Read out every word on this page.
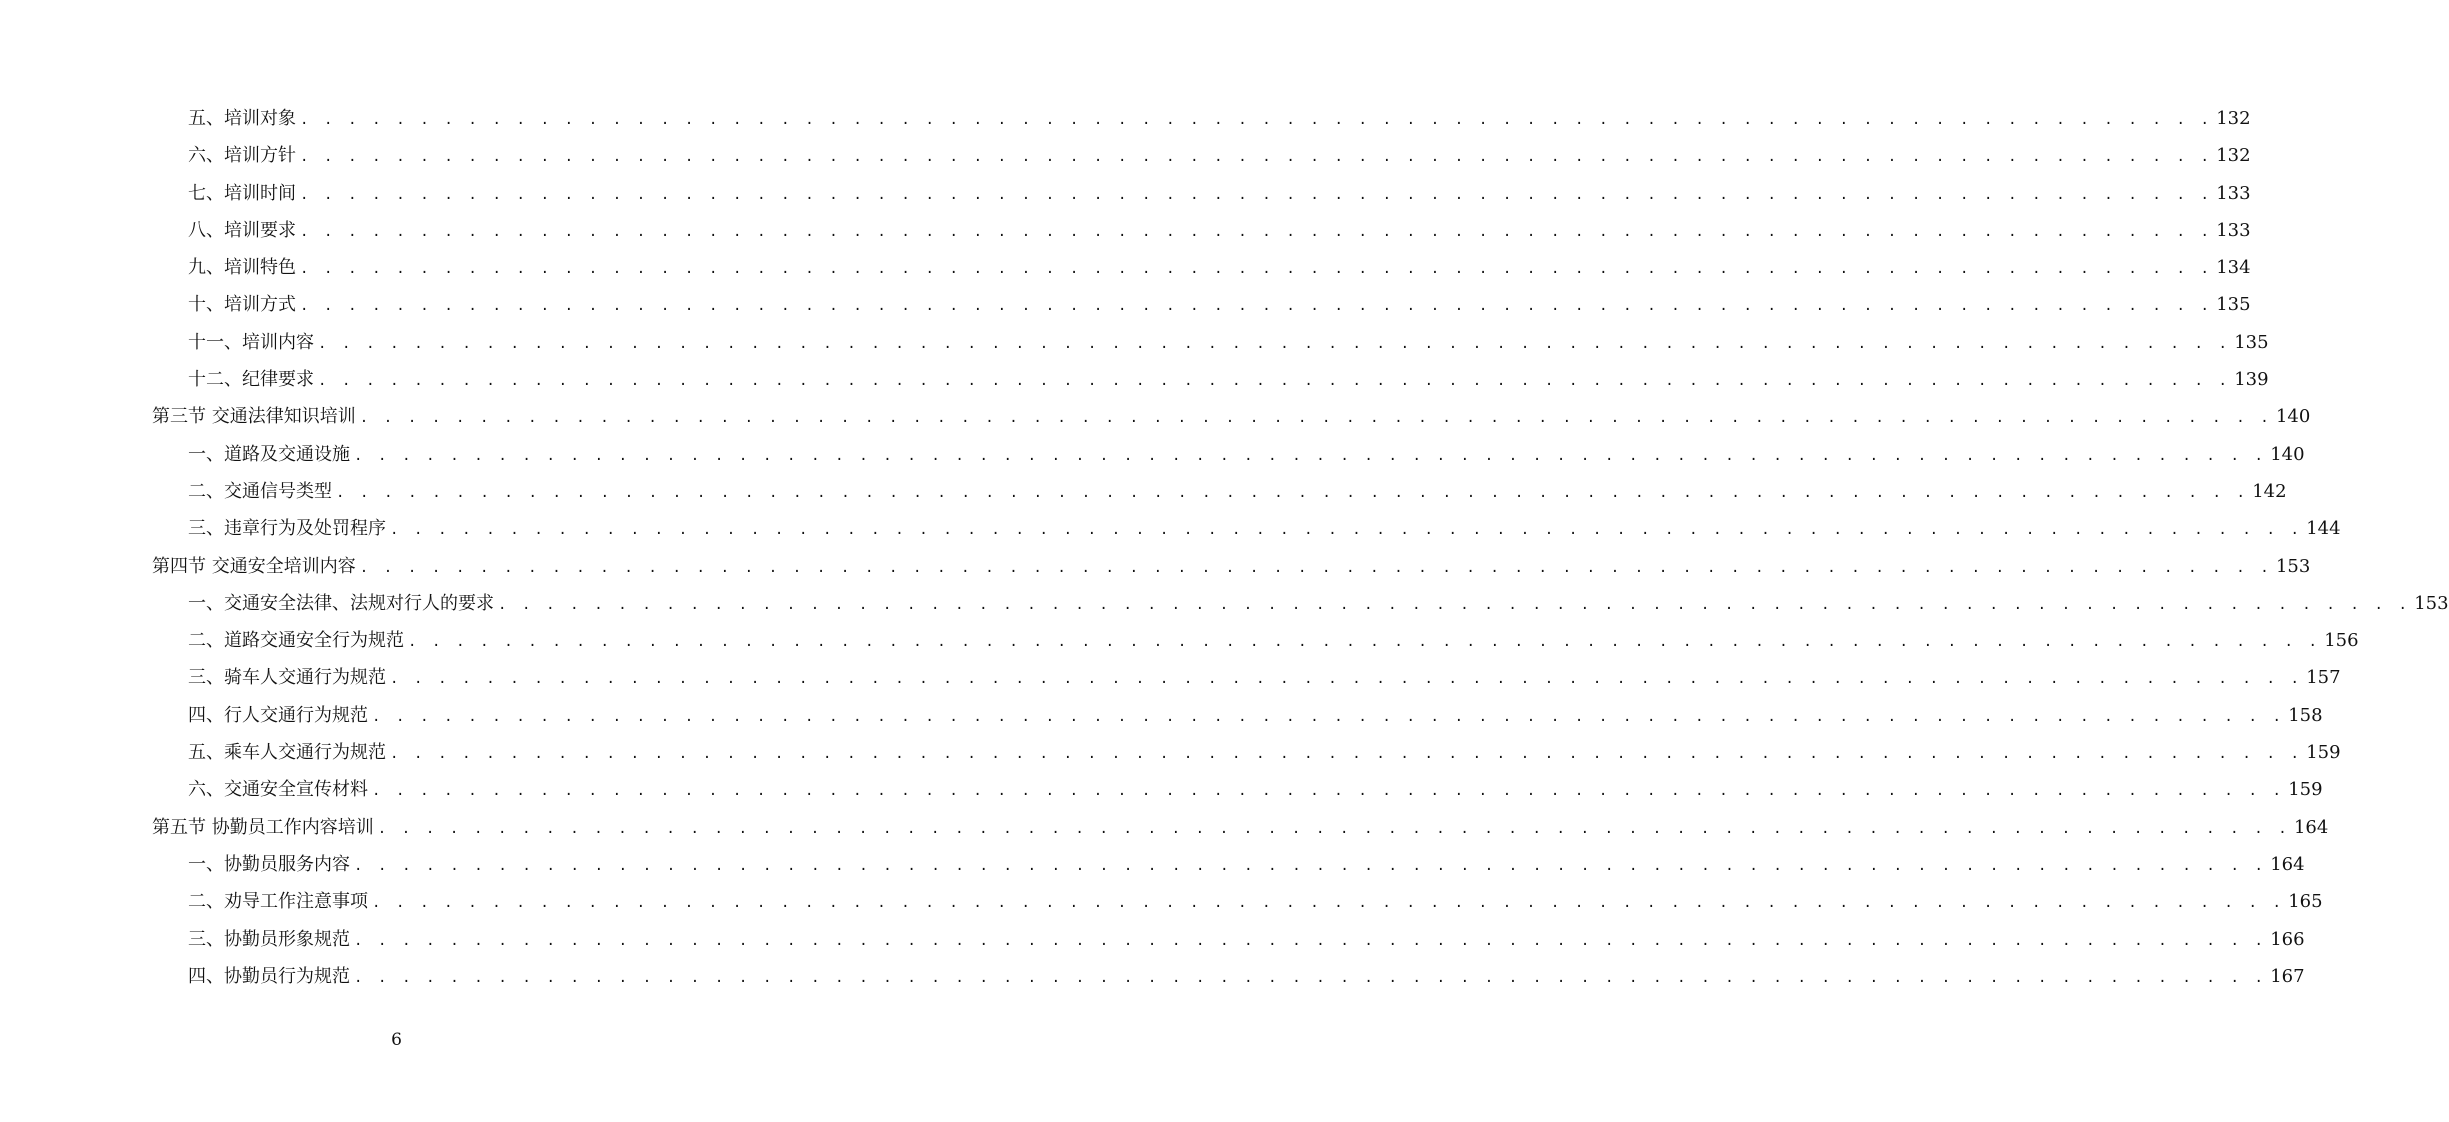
五、培训对象 . . . . . . . . . . . . . . . . . . . . . . . . . . . . . . . . . . . . . . . . . . . . . . . . . . . . . . . . . . . . . . . . . . . . . . . . . . . . . . . . 132
六、培训方针 . . . . . . . . . . . . . . . . . . . . . . . . . . . . . . . . . . . . . . . . . . . . . . . . . . . . . . . . . . . . . . . . . . . . . . . . . . . . . . . . 132
七、培训时间 . . . . . . . . . . . . . . . . . . . . . . . . . . . . . . . . . . . . . . . . . . . . . . . . . . . . . . . . . . . . . . . . . . . . . . . . . . . . . . . . 133
八、培训要求 . . . . . . . . . . . . . . . . . . . . . . . . . . . . . . . . . . . . . . . . . . . . . . . . . . . . . . . . . . . . . . . . . . . . . . . . . . . . . . . . 133
九、培训特色 . . . . . . . . . . . . . . . . . . . . . . . . . . . . . . . . . . . . . . . . . . . . . . . . . . . . . . . . . . . . . . . . . . . . . . . . . . . . . . . . 134
十、培训方式 . . . . . . . . . . . . . . . . . . . . . . . . . . . . . . . . . . . . . . . . . . . . . . . . . . . . . . . . . . . . . . . . . . . . . . . . . . . . . . . . 135
十一、培训内容 . . . . . . . . . . . . . . . . . . . . . . . . . . . . . . . . . . . . . . . . . . . . . . . . . . . . . . . . . . . . . . . . . . . . . . . . . . . . . . . . 135
十二、纪律要求 . . . . . . . . . . . . . . . . . . . . . . . . . . . . . . . . . . . . . . . . . . . . . . . . . . . . . . . . . . . . . . . . . . . . . . . . . . . . . . . . 139
第三节 交通法律知识培训 . . . . . . . . . . . . . . . . . . . . . . . . . . . . . . . . . . . . . . . . . . . . . . . . . . . . . . . . . . . . . . . . . . . . . . . . . . . . . . . . 140
一、道路及交通设施 . . . . . . . . . . . . . . . . . . . . . . . . . . . . . . . . . . . . . . . . . . . . . . . . . . . . . . . . . . . . . . . . . . . . . . . . . . . . . . . . 140
二、交通信号类型 . . . . . . . . . . . . . . . . . . . . . . . . . . . . . . . . . . . . . . . . . . . . . . . . . . . . . . . . . . . . . . . . . . . . . . . . . . . . . . . . 142
三、违章行为及处罚程序 . . . . . . . . . . . . . . . . . . . . . . . . . . . . . . . . . . . . . . . . . . . . . . . . . . . . . . . . . . . . . . . . . . . . . . . . . . . . . . . . 144
第四节 交通安全培训内容 . . . . . . . . . . . . . . . . . . . . . . . . . . . . . . . . . . . . . . . . . . . . . . . . . . . . . . . . . . . . . . . . . . . . . . . . . . . . . . . . 153
一、交通安全法律、法规对行人的要求 . . . . . . . . . . . . . . . . . . . . . . . . . . . . . . . . . . . . . . . . . . . . . . . . . . . . . . . . . . . . . . . . . . . . . . . . . . . . . . . . 153
二、道路交通安全行为规范 . . . . . . . . . . . . . . . . . . . . . . . . . . . . . . . . . . . . . . . . . . . . . . . . . . . . . . . . . . . . . . . . . . . . . . . . . . . . . . . . 156
三、骑车人交通行为规范 . . . . . . . . . . . . . . . . . . . . . . . . . . . . . . . . . . . . . . . . . . . . . . . . . . . . . . . . . . . . . . . . . . . . . . . . . . . . . . . . 157
四、行人交通行为规范 . . . . . . . . . . . . . . . . . . . . . . . . . . . . . . . . . . . . . . . . . . . . . . . . . . . . . . . . . . . . . . . . . . . . . . . . . . . . . . . . 158
五、乘车人交通行为规范 . . . . . . . . . . . . . . . . . . . . . . . . . . . . . . . . . . . . . . . . . . . . . . . . . . . . . . . . . . . . . . . . . . . . . . . . . . . . . . . . 159
六、交通安全宣传材料 . . . . . . . . . . . . . . . . . . . . . . . . . . . . . . . . . . . . . . . . . . . . . . . . . . . . . . . . . . . . . . . . . . . . . . . . . . . . . . . . 159
第五节 协勤员工作内容培训 . . . . . . . . . . . . . . . . . . . . . . . . . . . . . . . . . . . . . . . . . . . . . . . . . . . . . . . . . . . . . . . . . . . . . . . . . . . . . . . . 164
一、协勤员服务内容 . . . . . . . . . . . . . . . . . . . . . . . . . . . . . . . . . . . . . . . . . . . . . . . . . . . . . . . . . . . . . . . . . . . . . . . . . . . . . . . . 164
二、劝导工作注意事项 . . . . . . . . . . . . . . . . . . . . . . . . . . . . . . . . . . . . . . . . . . . . . . . . . . . . . . . . . . . . . . . . . . . . . . . . . . . . . . . . 165
三、协勤员形象规范 . . . . . . . . . . . . . . . . . . . . . . . . . . . . . . . . . . . . . . . . . . . . . . . . . . . . . . . . . . . . . . . . . . . . . . . . . . . . . . . . 166
四、协勤员行为规范 . . . . . . . . . . . . . . . . . . . . . . . . . . . . . . . . . . . . . . . . . . . . . . . . . . . . . . . . . . . . . . . . . . . . . . . . . . . . . . . . 167
6
